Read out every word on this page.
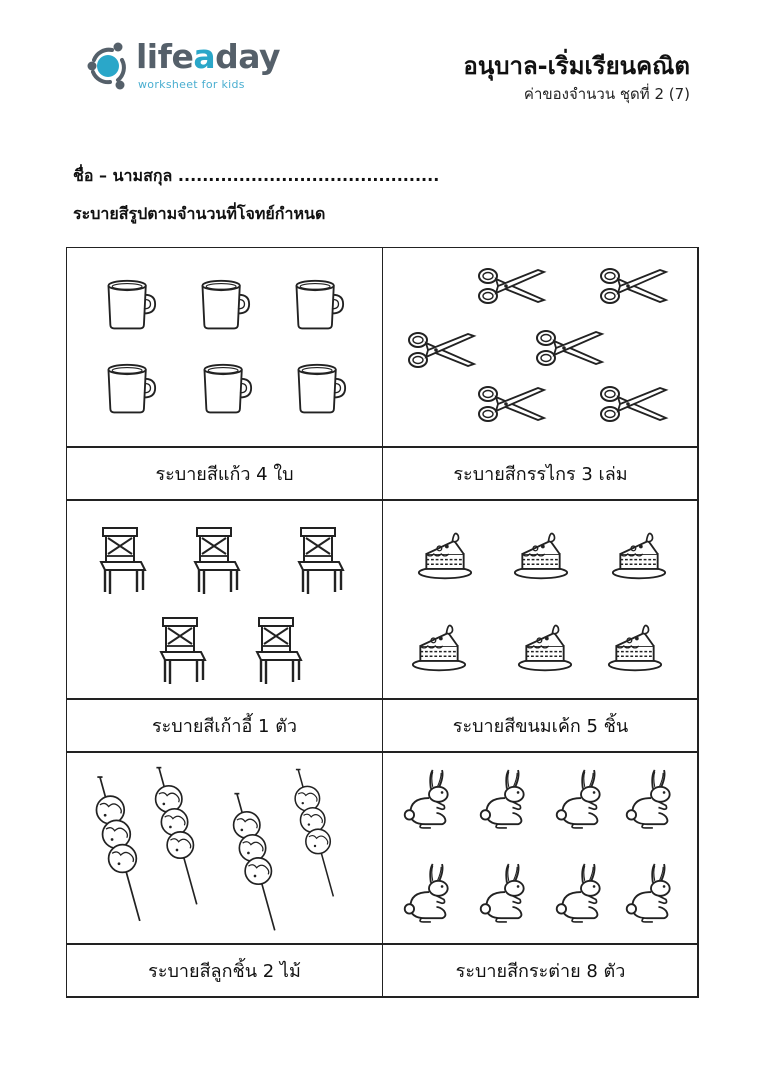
lifeaday
worksheet for kids
อนุบาล-เริ่มเรียนคณิต
ค่าของจำนวน ชุดที่ 2 (7)
ชื่อ – นามสกุล ...........................................
ระบายสีรูปตามจำนวนที่โจทย์กำหนด
ระบายสีแก้ว 4 ใบ	ระบายสีกรรไกร 3 เล่ม
ระบายสีเก้าอี้ 1 ตัว	ระบายสีขนมเค้ก 5 ชิ้น
ระบายสีลูกชิ้น 2 ไม้	ระบายสีกระต่าย 8 ตัว
